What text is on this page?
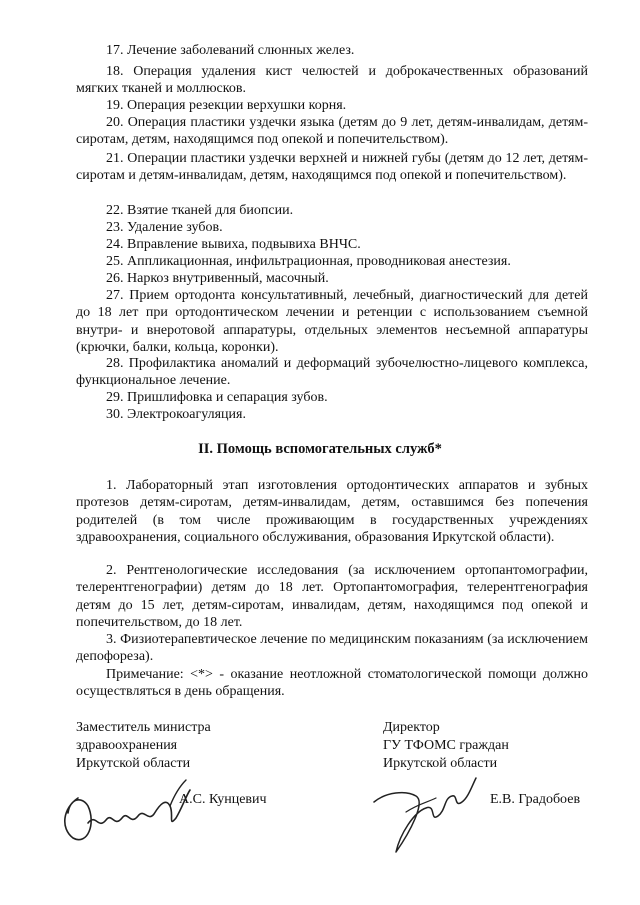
17. Лечение заболеваний слюнных желез.
18. Операция удаления кист челюстей и доброкачественных образований мягких тканей и моллюсков.
19. Операция резекции верхушки корня.
20. Операция пластики уздечки языка (детям до 9 лет, детям-инвалидам, детям-сиротам, детям, находящимся под опекой и попечительством).
21. Операции пластики уздечки верхней и нижней губы (детям до 12 лет, детям-сиротам и детям-инвалидам, детям, находящимся под опекой и попечительством).
22. Взятие тканей для биопсии.
23. Удаление зубов.
24. Вправление вывиха, подвывиха ВНЧС.
25. Аппликационная, инфильтрационная, проводниковая анестезия.
26. Наркоз внутривенный, масочный.
27. Прием ортодонта консультативный, лечебный, диагностический для детей до 18 лет при ортодонтическом лечении и ретенции с использованием съемной внутри- и внеротовой аппаратуры, отдельных элементов несъемной аппаратуры (крючки, балки, кольца, коронки).
28. Профилактика аномалий и деформаций зубочелюстно-лицевого комплекса, функциональное лечение.
29. Пришлифовка и сепарация зубов.
30. Электрокоагуляция.
II. Помощь вспомогательных служб*
1. Лабораторный этап изготовления ортодонтических аппаратов и зубных протезов детям-сиротам, детям-инвалидам, детям, оставшимся без попечения родителей (в том числе проживающим в государственных учреждениях здравоохранения, социального обслуживания, образования Иркутской области).
2. Рентгенологические исследования (за исключением ортопантомографии, телерентгенографии) детям до 18 лет. Ортопантомография, телерентгенография детям до 15 лет, детям-сиротам, инвалидам, детям, находящимся под опекой и попечительством, до 18 лет.
3. Физиотерапевтическое лечение по медицинским показаниям (за исключением депофореза).
Примечание: <*> - оказание неотложной стоматологической помощи должно осуществляться в день обращения.
Заместитель министра
здравоохранения
Иркутской области
А.С. Кунцевич
Директор
ГУ ТФОМС граждан
Иркутской области
Е.В. Градобоев
